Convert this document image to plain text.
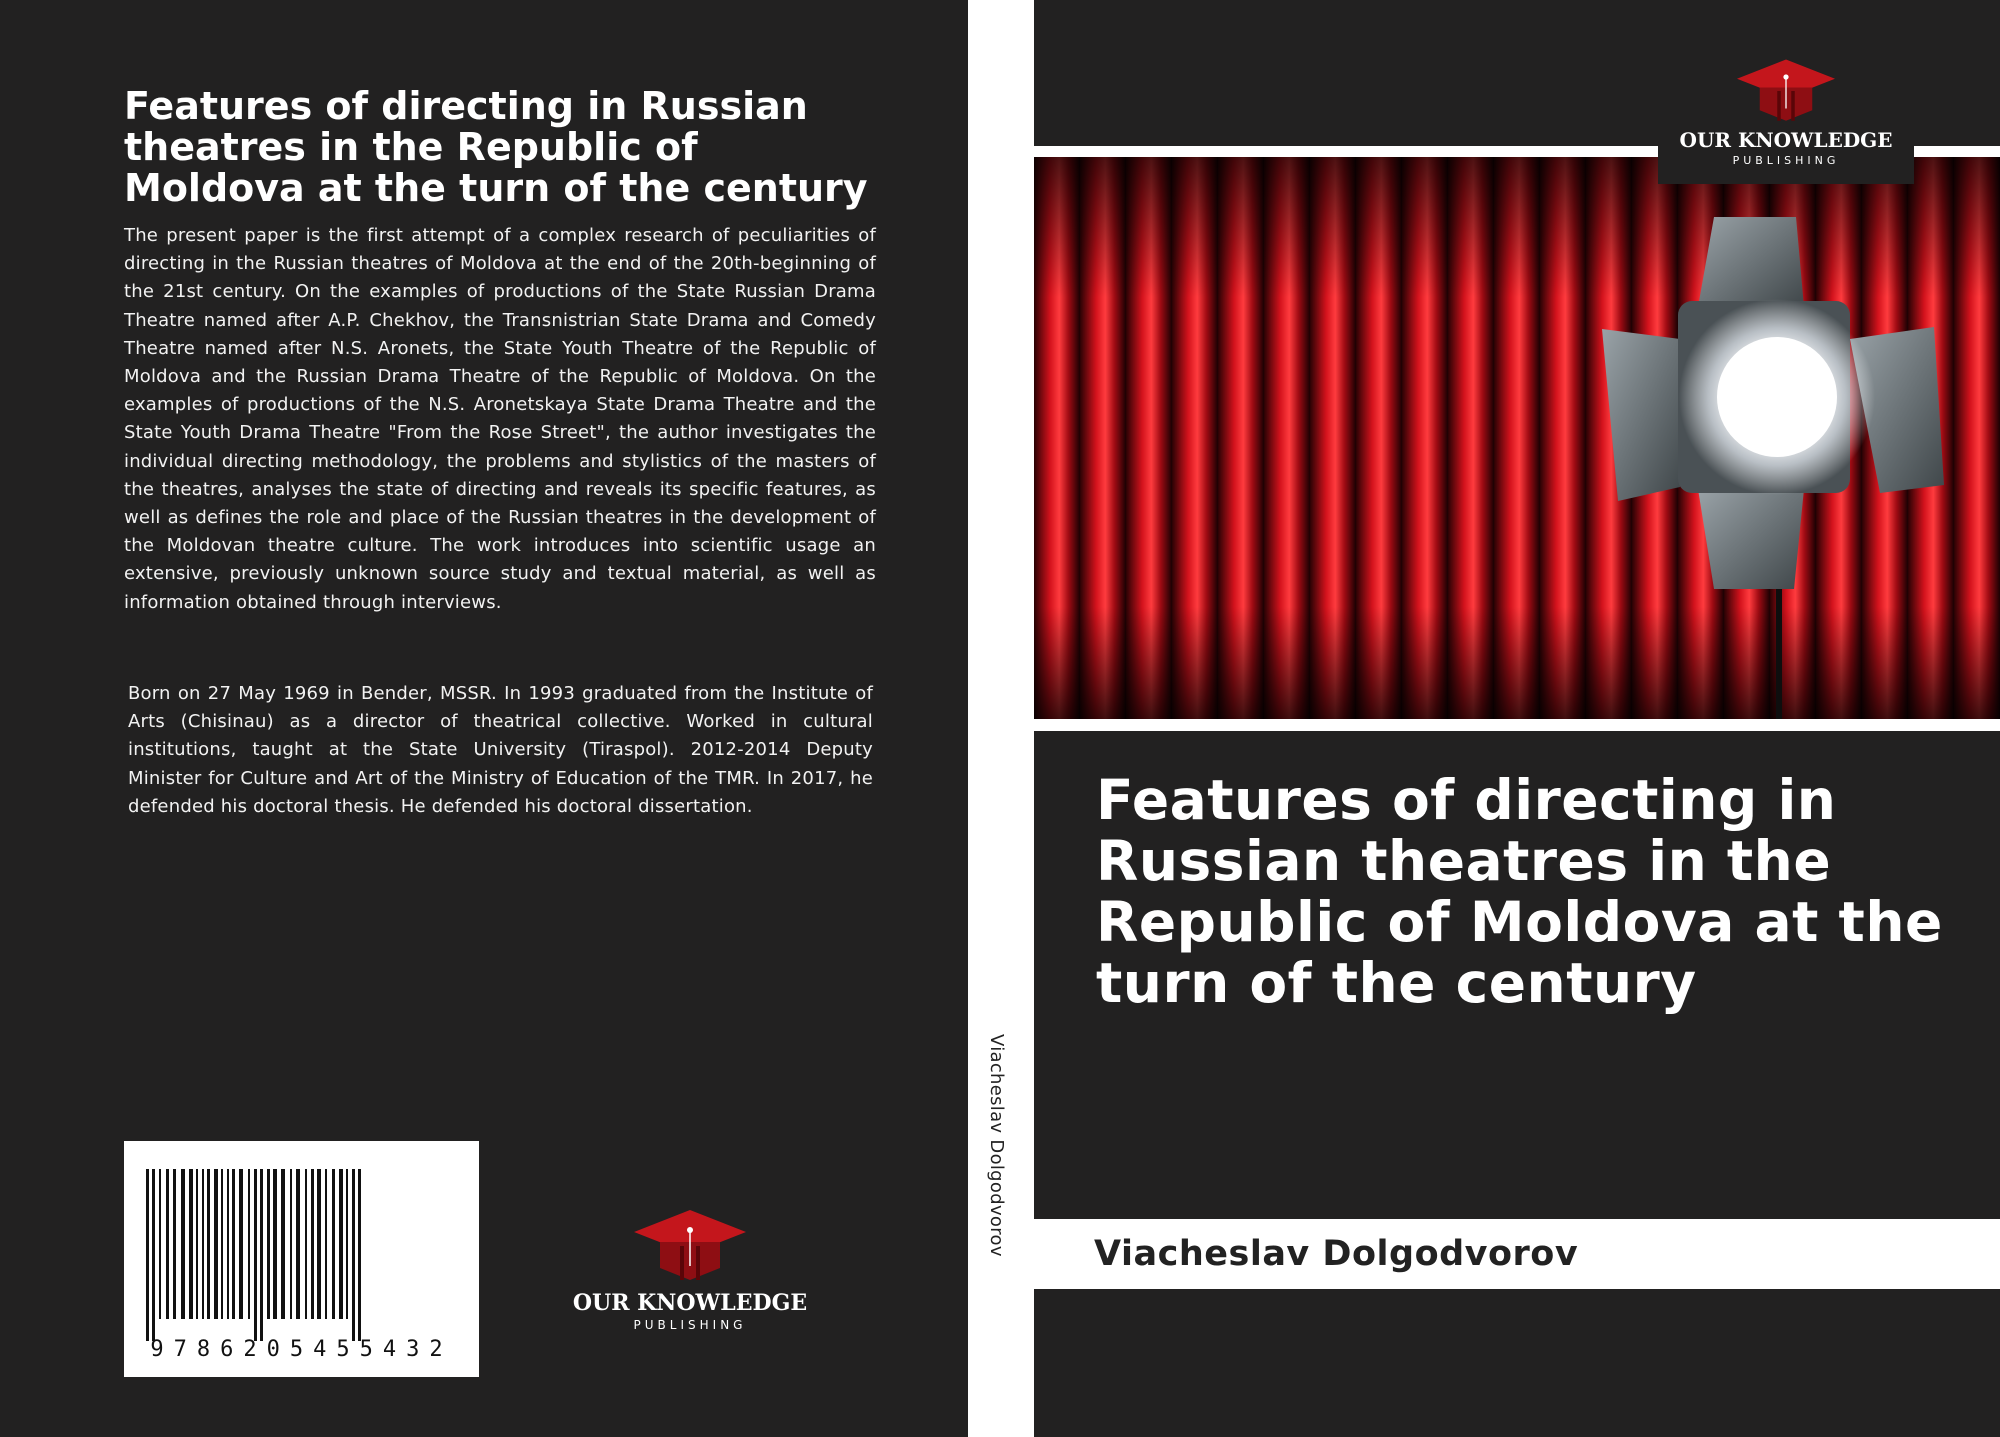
Features of directing in Russian theatres in the Republic of Moldova at the turn of the century

The present paper is the first attempt of a complex research of peculiarities of directing in the Russian theatres of Moldova at the end of the 20th-beginning of the 21st century. On the examples of productions of the State Russian Drama Theatre named after A.P. Chekhov, the Transnistrian State Drama and Comedy Theatre named after N.S. Aronets, the State Youth Theatre of the Republic of Moldova and the Russian Drama Theatre of the Republic of Moldova. On the examples of productions of the N.S. Aronetskaya State Drama Theatre and the State Youth Drama Theatre "From the Rose Street", the author investigates the individual directing methodology, the problems and stylistics of the masters of the theatres, analyses the state of directing and reveals its specific features, as well as defines the role and place of the Russian theatres in the development of the Moldovan theatre culture. The work introduces into scientific usage an extensive, previously unknown source study and textual material, as well as information obtained through interviews.

Born on 27 May 1969 in Bender, MSSR. In 1993 graduated from the Institute of Arts (Chisinau) as a director of theatrical collective. Worked in cultural institutions, taught at the State University (Tiraspol). 2012-2014 Deputy Minister for Culture and Art of the Ministry of Education of the TMR. In 2017, he defended his doctoral thesis. He defended his doctoral dissertation.

9786205455432
OUR KNOWLEDGE
PUBLISHING
Viacheslav Dolgodvorov
OUR KNOWLEDGE
PUBLISHING
Features of directing in Russian theatres in the Republic of Moldova at the turn of the century
Viacheslav Dolgodvorov
